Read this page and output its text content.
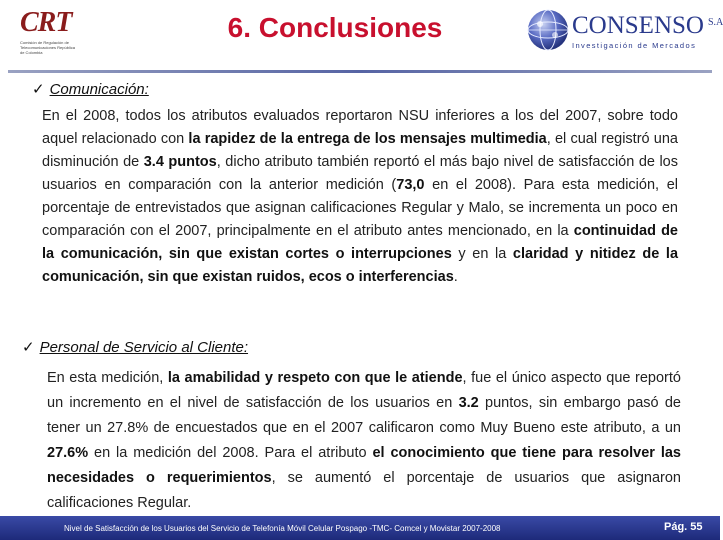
CRT
Comisión de Regulación de Telecomunicaciones República de Colombia
6. Conclusiones	CONSENSO $^{S.A}$
Investigación de Mercados
✓ Comunicación:
En el 2008, todos los atributos evaluados reportaron NSU inferiores a los del 2007, sobre todo aquel relacionado con la rapidez de la entrega de los mensajes multimedia, el cual registró una disminución de 3.4 puntos, dicho atributo también reportó el más bajo nivel de satisfacción de los usuarios en comparación con la anterior medición (73,0 en el 2008). Para esta medición, el porcentaje de entrevistados que asignan calificaciones Regular y Malo, se incrementa un poco en comparación con el 2007, principalmente en el atributo antes mencionado, en la continuidad de la comunicación, sin que existan cortes o interrupciones y en la claridad y nitidez de la comunicación, sin que existan ruidos, ecos o interferencias.
✓ Personal de Servicio al Cliente:
En esta medición, la amabilidad y respeto con que le atiende, fue el único aspecto que reportó un incremento en el nivel de satisfacción de los usuarios en 3.2 puntos, sin embargo pasó de tener un 27.8% de encuestados que en el 2007 calificaron como Muy Bueno este atributo, a un 27.6% en la medición del 2008. Para el atributo el conocimiento que tiene para resolver las necesidades o requerimientos, se aumentó el porcentaje de usuarios que asignaron calificaciones Regular.
Nivel de Satisfacción de los Usuarios del Servicio de Telefonía Móvil Celular Pospago -TMC- Comcel y Movistar 2007-2008	Pág. 55
